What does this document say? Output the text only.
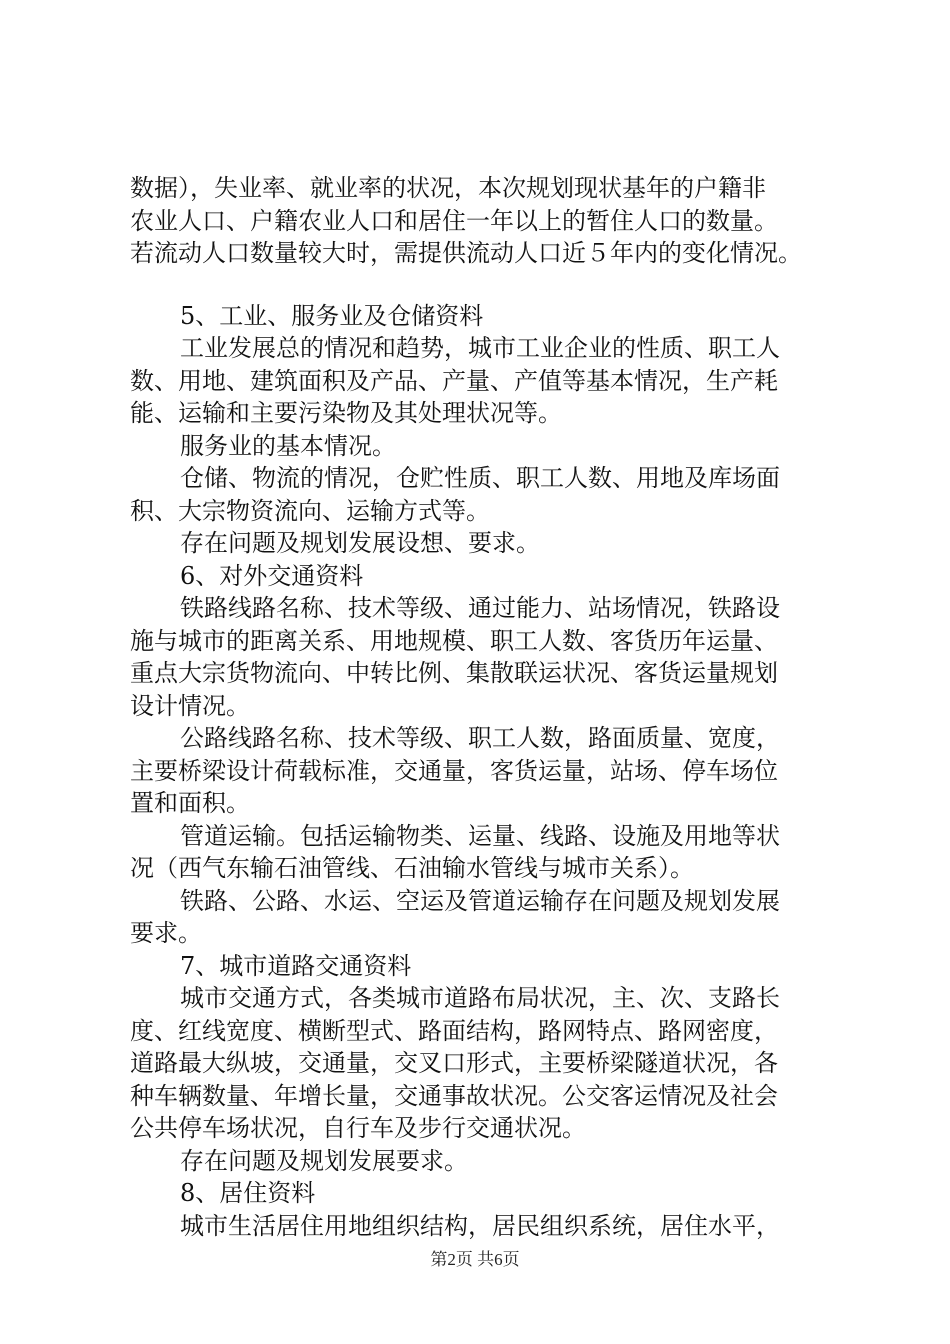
数据），失业率、就业率的状况，本次规划现状基年的户籍非
农业人口、户籍农业人口和居住一年以上的暂住人口的数量。
若流动人口数量较大时，需提供流动人口近５年内的变化情况。
5、工业、服务业及仓储资料
工业发展总的情况和趋势，城市工业企业的性质、职工人
数、用地、建筑面积及产品、产量、产值等基本情况，生产耗
能、运输和主要污染物及其处理状况等。
服务业的基本情况。
仓储、物流的情况，仓贮性质、职工人数、用地及库场面
积、大宗物资流向、运输方式等。
存在问题及规划发展设想、要求。
6、对外交通资料
铁路线路名称、技术等级、通过能力、站场情况，铁路设
施与城市的距离关系、用地规模、职工人数、客货历年运量、
重点大宗货物流向、中转比例、集散联运状况、客货运量规划
设计情况。
公路线路名称、技术等级、职工人数，路面质量、宽度，
主要桥梁设计荷载标准，交通量，客货运量，站场、停车场位
置和面积。
管道运输。包括运输物类、运量、线路、设施及用地等状
况（西气东输石油管线、石油输水管线与城市关系）。
铁路、公路、水运、空运及管道运输存在问题及规划发展
要求。
7、城市道路交通资料
城市交通方式，各类城市道路布局状况，主、次、支路长
度、红线宽度、横断型式、路面结构，路网特点、路网密度，
道路最大纵坡，交通量，交叉口形式，主要桥梁隧道状况，各
种车辆数量、年增长量，交通事故状况。公交客运情况及社会
公共停车场状况，自行车及步行交通状况。
存在问题及规划发展要求。
8、居住资料
城市生活居住用地组织结构，居民组织系统，居住水平，
第2页 共6页
